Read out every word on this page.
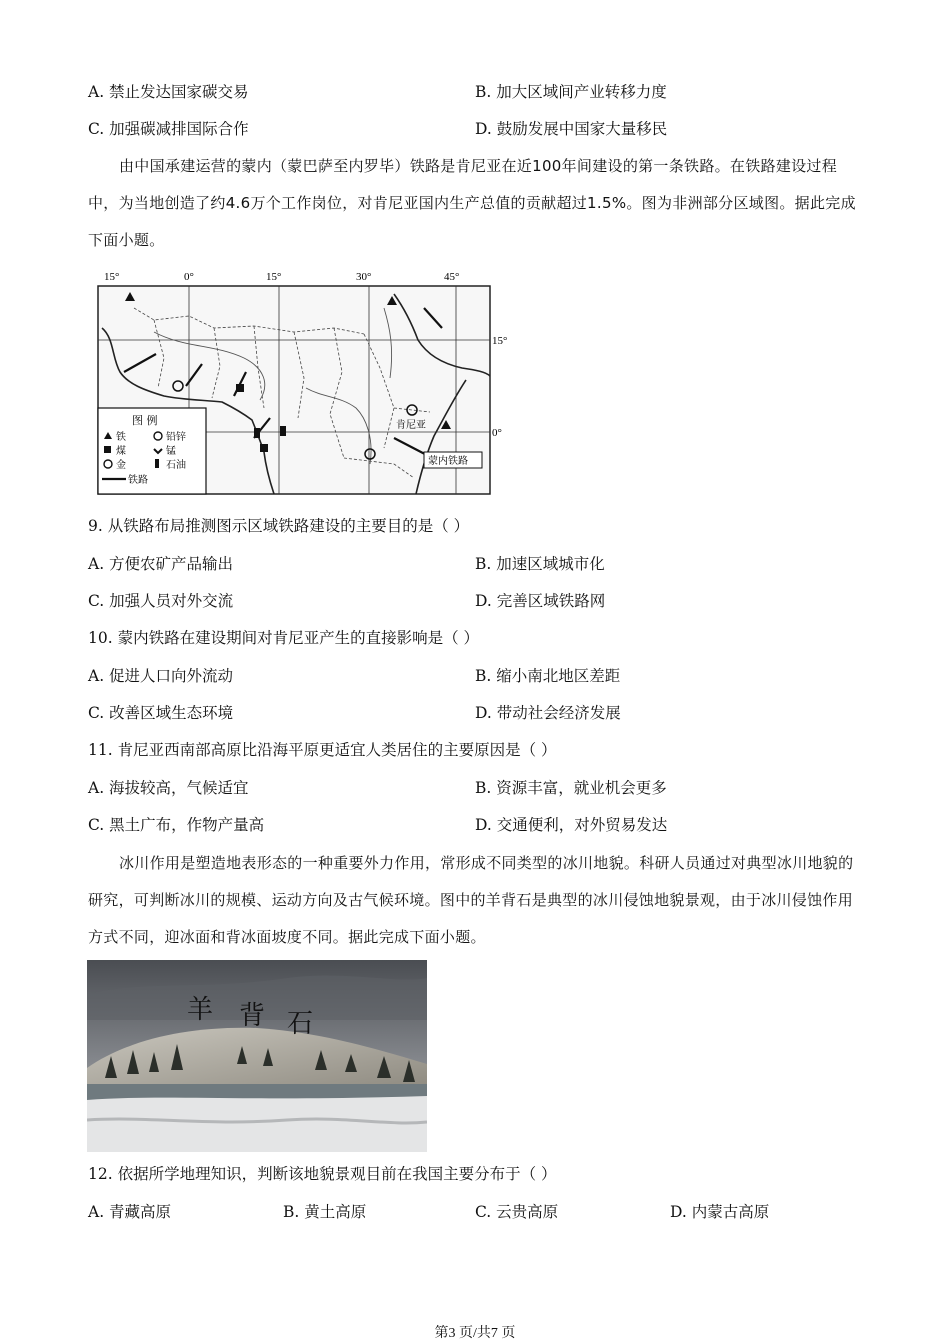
A. 禁止发达国家碳交易	B. 加大区域间产业转移力度
C. 加强碳减排国际合作	D. 鼓励发展中国家大量移民
由中国承建运营的蒙内（蒙巴萨至内罗毕）铁路是肯尼亚在近100年间建设的第一条铁路。在铁路建设过程中，为当地创造了约4.6万个工作岗位，对肯尼亚国内生产总值的贡献超过1.5%。图为非洲部分区域图。据此完成下面小题。
15°	0°	15°	30°	45°
15°
0°
肯尼亚
蒙内铁路
图 例
铁	铅锌
煤	锰
金	石油
铁路
9. 从铁路布局推测图示区域铁路建设的主要目的是（ ）
A. 方便农矿产品输出	B. 加速区域城市化
C. 加强人员对外交流	D. 完善区域铁路网
10. 蒙内铁路在建设期间对肯尼亚产生的直接影响是（ ）
A. 促进人口向外流动	B. 缩小南北地区差距
C. 改善区域生态环境	D. 带动社会经济发展
11. 肯尼亚西南部高原比沿海平原更适宜人类居住的主要原因是（ ）
A. 海拔较高，气候适宜	B. 资源丰富，就业机会更多
C. 黑土广布，作物产量高	D. 交通便利，对外贸易发达
冰川作用是塑造地表形态的一种重要外力作用，常形成不同类型的冰川地貌。科研人员通过对典型冰川地貌的研究，可判断冰川的规模、运动方向及古气候环境。图中的羊背石是典型的冰川侵蚀地貌景观，由于冰川侵蚀作用方式不同，迎冰面和背冰面坡度不同。据此完成下面小题。
羊 背 石
12. 依据所学地理知识，判断该地貌景观目前在我国主要分布于（ ）
A. 青藏高原	B. 黄土高原	C. 云贵高原	D. 内蒙古高原
第3 页/共7 页
